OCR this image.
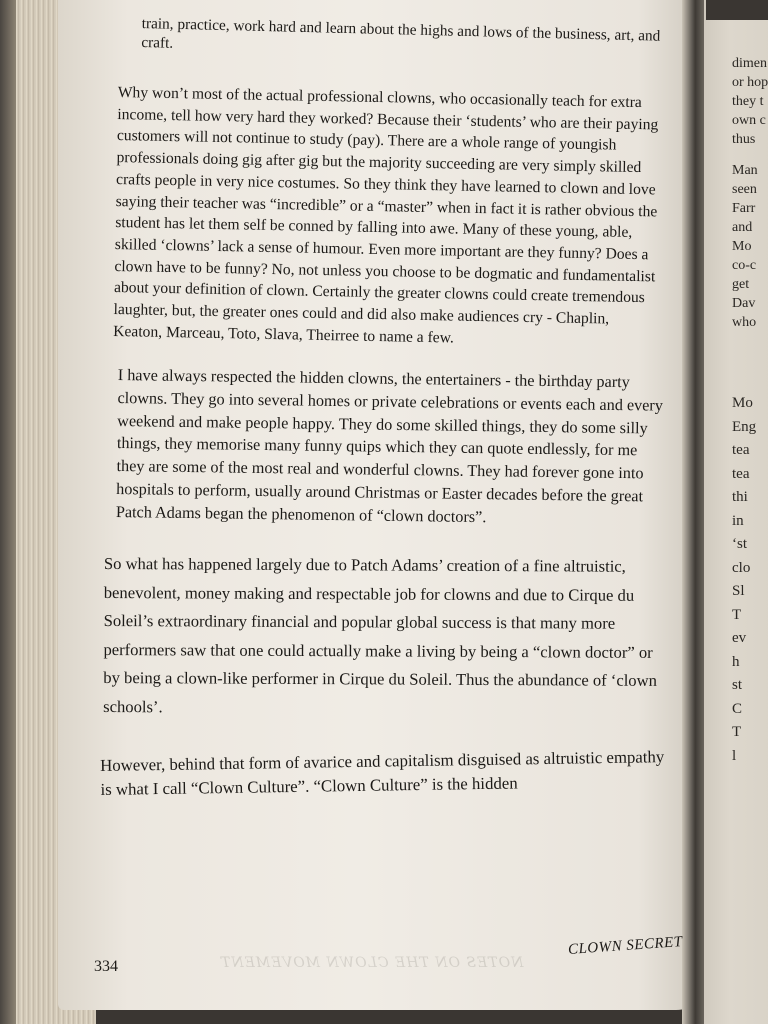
train, practice, work hard and learn about the highs and lows of the business, art, and craft.

Why won’t most of the actual professional clowns, who occasionally teach for extra income, tell how very hard they worked? Because their ‘students’ who are their paying customers will not continue to study (pay). There are a whole range of youngish professionals doing gig after gig but the majority succeeding are very simply skilled crafts people in very nice costumes. So they think they have learned to clown and love saying their teacher was “incredible” or a “master” when in fact it is rather obvious the student has let them self be conned by falling into awe. Many of these young, able, skilled ‘clowns’ lack a sense of humour. Even more important are they funny? Does a clown have to be funny? No, not unless you choose to be dogmatic and fundamentalist about your definition of clown. Certainly the greater clowns could create tremendous laughter, but, the greater ones could and did also make audiences cry - Chaplin, Keaton, Marceau, Toto, Slava, Theirree to name a few.

I have always respected the hidden clowns, the entertainers - the birthday party clowns. They go into several homes or private celebrations or events each and every weekend and make people happy. They do some skilled things, they do some silly things, they memorise many funny quips which they can quote endlessly, for me they are some of the most real and wonderful clowns. They had forever gone into hospitals to perform, usually around Christmas or Easter decades before the great Patch Adams began the phenomenon of “clown doctors”.

So what has happened largely due to Patch Adams’ creation of a fine altruistic, benevolent, money making and respectable job for clowns and due to Cirque du Soleil’s extraordinary financial and popular global success is that many more performers saw that one could actually make a living by being a “clown doctor” or by being a clown-like performer in Cirque du Soleil. Thus the abundance of ‘clown schools’.

However, behind that form of avarice and capitalism disguised as altruistic empathy is what I call “Clown Culture”. “Clown Culture” is the hidden

334
CLOWN SECRET
NOTES ON THE CLOWN MOVEMENT
dimen
or hop
they t
own c
thus
Man
seen
Farr
and
Mo
co-c
get
Dav
who
Mo
Eng
tea
tea
thi
in
‘st
clo
Sl
T
ev
h
st
C
T
l
